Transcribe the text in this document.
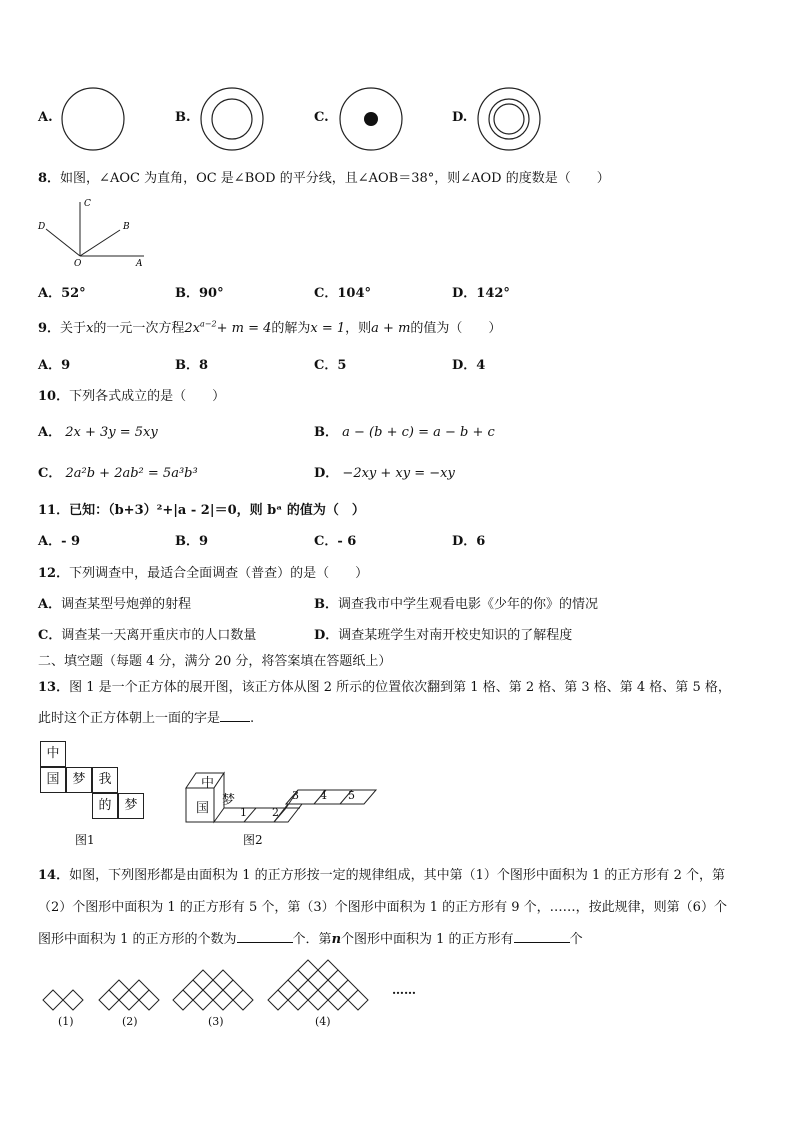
A.	B.	C.	D.
8．如图，∠AOC 为直角，OC 是∠BOD 的平分线，且∠AOB＝38°，则∠AOD 的度数是（　　）
C
D	B
O	A
A．52°	B．90°	C．104°	D．142°
9．关于x的一元一次方程$2x^{a-2}+ m = 4$的解为x = 1，则a + m的值为（　　）
A．9	B．8	C．5	D．4
10．下列各式成立的是（　　）
A． 2x + 3y = 5xy	B． a − (b + c) = a − b + c
C． 2a²b + 2ab² = 5a³b³	D． −2xy + xy = −xy
11．已知：（b+3）²+|a - 2|＝0，则 bᵃ 的值为（　）
A．- 9	B．9	C．- 6	D．6
12．下列调查中，最适合全面调查（普查）的是（　　）
A．调查某型号炮弹的射程	B．调查我市中学生观看电影《少年的你》的情况
C．调查某一天离开重庆市的人口数量	D．调查某班学生对南开校史知识的了解程度
二、填空题（每题 4 分，满分 20 分，将答案填在答题纸上）
13．图 1 是一个正方体的展开图，该正方体从图 2 所示的位置依次翻到第 1 格、第 2 格、第 3 格、第 4 格、第 5 格，
此时这个正方体朝上一面的字是 .
中
国 梦 我
的 梦
图1
中
国
梦
1 2
3 4 5
图2
14．如图，下列图形都是由面积为 1 的正方形按一定的规律组成，其中第（1）个图形中面积为 1 的正方形有 2 个，第
（2）个图形中面积为 1 的正方形有 5 个，第（3）个图形中面积为 1 的正方形有 9 个，……，按此规律，则第（6）个
图形中面积为 1 的正方形的个数为	个．第n个图形中面积为 1 的正方形有	个
(1)	(2)	(3)	(4)
……
